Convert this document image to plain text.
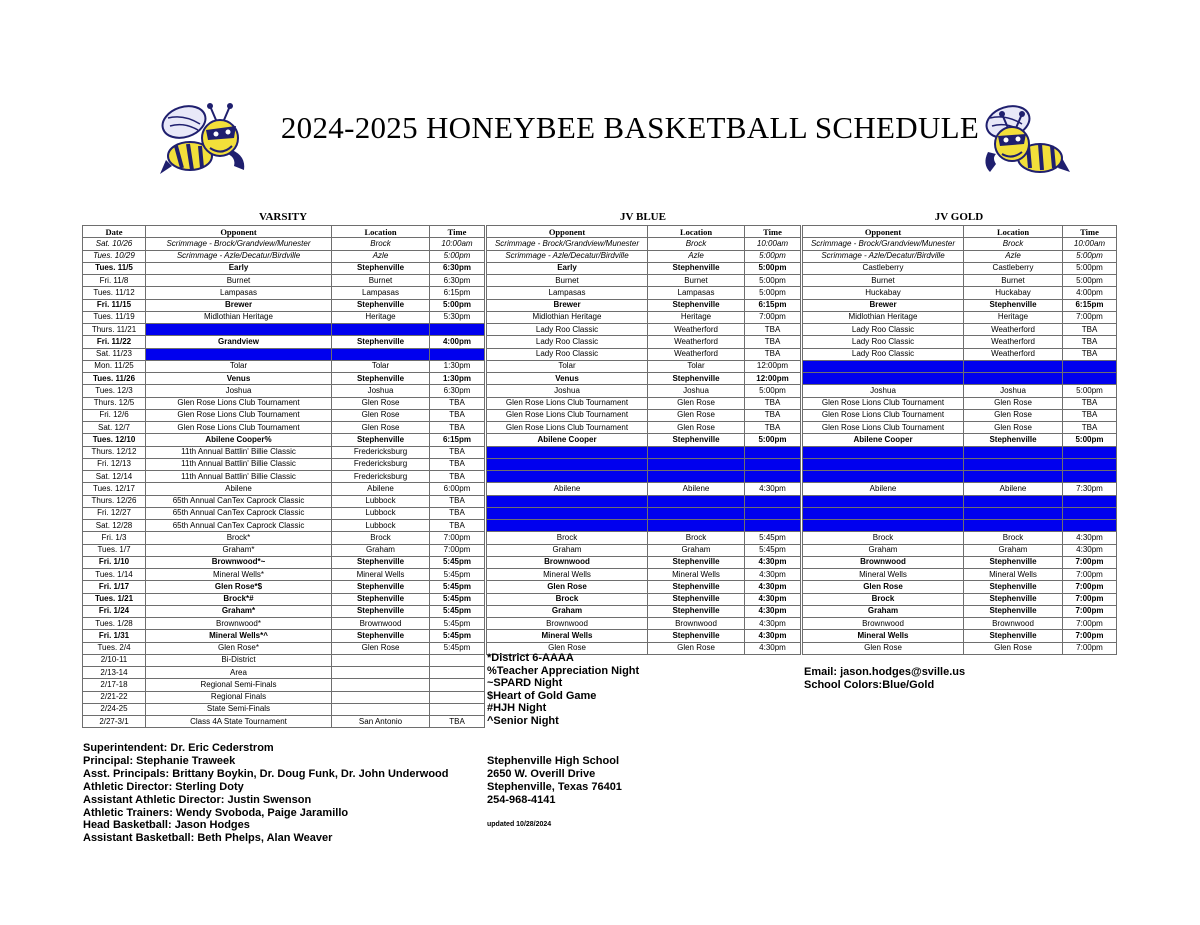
2024-2025 HONEYBEE BASKETBALL SCHEDULE
VARSITY	JV BLUE	JV GOLD
Date	Opponent	Location	Time
Sat. 10/26	Scrimmage - Brock/Grandview/Munester	Brock	10:00am
Tues. 10/29	Scrimmage - Azle/Decatur/Birdville	Azle	5:00pm
Tues. 11/5	Early	Stephenville	6:30pm
Fri. 11/8	Burnet	Burnet	6:30pm
Tues. 11/12	Lampasas	Lampasas	6:15pm
Fri. 11/15	Brewer	Stephenville	5:00pm
Tues. 11/19	Midlothian Heritage	Heritage	5:30pm
Thurs. 11/21			
Fri. 11/22	Grandview	Stephenville	4:00pm
Sat. 11/23			
Mon. 11/25	Tolar	Tolar	1:30pm
Tues. 11/26	Venus	Stephenville	1:30pm
Tues. 12/3	Joshua	Joshua	6:30pm
Thurs. 12/5	Glen Rose Lions Club Tournament	Glen Rose	TBA
Fri. 12/6	Glen Rose Lions Club Tournament	Glen Rose	TBA
Sat. 12/7	Glen Rose Lions Club Tournament	Glen Rose	TBA
Tues. 12/10	Abilene Cooper%	Stephenville	6:15pm
Thurs. 12/12	11th Annual Battlin' Billie Classic	Fredericksburg	TBA
Fri. 12/13	11th Annual Battlin' Billie Classic	Fredericksburg	TBA
Sat. 12/14	11th Annual Battlin' Billie Classic	Fredericksburg	TBA
Tues. 12/17	Abilene	Abilene	6:00pm
Thurs. 12/26	65th Annual CanTex Caprock Classic	Lubbock	TBA
Fri. 12/27	65th Annual CanTex Caprock Classic	Lubbock	TBA
Sat. 12/28	65th Annual CanTex Caprock Classic	Lubbock	TBA
Fri. 1/3	Brock*	Brock	7:00pm
Tues. 1/7	Graham*	Graham	7:00pm
Fri. 1/10	Brownwood*~	Stephenville	5:45pm
Tues. 1/14	Mineral Wells*	Mineral Wells	5:45pm
Fri. 1/17	Glen Rose*$	Stephenville	5:45pm
Tues. 1/21	Brock*#	Stephenville	5:45pm
Fri. 1/24	Graham*	Stephenville	5:45pm
Tues. 1/28	Brownwood*	Brownwood	5:45pm
Fri. 1/31	Mineral Wells*^	Stephenville	5:45pm
Tues. 2/4	Glen Rose*	Glen Rose	5:45pm
2/10-11	Bi-District		
2/13-14	Area		
2/17-18	Regional Semi-Finals		
2/21-22	Regional Finals		
2/24-25	State Semi-Finals		
2/27-3/1	Class 4A State Tournament	San Antonio	TBA
Opponent	Location	Time
Scrimmage - Brock/Grandview/Munester	Brock	10:00am
Scrimmage - Azle/Decatur/Birdville	Azle	5:00pm
Early	Stephenville	5:00pm
Burnet	Burnet	5:00pm
Lampasas	Lampasas	5:00pm
Brewer	Stephenville	6:15pm
Midlothian Heritage	Heritage	7:00pm
Lady Roo Classic	Weatherford	TBA
Lady Roo Classic	Weatherford	TBA
Lady Roo Classic	Weatherford	TBA
Tolar	Tolar	12:00pm
Venus	Stephenville	12:00pm
Joshua	Joshua	5:00pm
Glen Rose Lions Club Tournament	Glen Rose	TBA
Glen Rose Lions Club Tournament	Glen Rose	TBA
Glen Rose Lions Club Tournament	Glen Rose	TBA
Abilene Cooper	Stephenville	5:00pm

Abilene	Abilene	4:30pm

Brock	Brock	5:45pm
Graham	Graham	5:45pm
Brownwood	Stephenville	4:30pm
Mineral Wells	Mineral Wells	4:30pm
Glen Rose	Stephenville	4:30pm
Brock	Stephenville	4:30pm
Graham	Stephenville	4:30pm
Brownwood	Brownwood	4:30pm
Mineral Wells	Stephenville	4:30pm
Glen Rose	Glen Rose	4:30pm
Opponent	Location	Time
Scrimmage - Brock/Grandview/Munester	Brock	10:00am
Scrimmage - Azle/Decatur/Birdville	Azle	5:00pm
Castleberry	Castleberry	5:00pm
Burnet	Burnet	5:00pm
Huckabay	Huckabay	4:00pm
Brewer	Stephenville	6:15pm
Midlothian Heritage	Heritage	7:00pm
Lady Roo Classic	Weatherford	TBA
Lady Roo Classic	Weatherford	TBA
Lady Roo Classic	Weatherford	TBA

Joshua	Joshua	5:00pm
Glen Rose Lions Club Tournament	Glen Rose	TBA
Glen Rose Lions Club Tournament	Glen Rose	TBA
Glen Rose Lions Club Tournament	Glen Rose	TBA
Abilene Cooper	Stephenville	5:00pm

Abilene	Abilene	7:30pm

Brock	Brock	4:30pm
Graham	Graham	4:30pm
Brownwood	Stephenville	7:00pm
Mineral Wells	Mineral Wells	7:00pm
Glen Rose	Stephenville	7:00pm
Brock	Stephenville	7:00pm
Graham	Stephenville	7:00pm
Brownwood	Brownwood	7:00pm
Mineral Wells	Stephenville	7:00pm
Glen Rose	Glen Rose	7:00pm
*District 6-AAAA
%Teacher Appreciation Night
~SPARD Night
$Heart of Gold Game
#HJH Night
^Senior Night
Email: jason.hodges@sville.us
School Colors:Blue/Gold
Superintendent: Dr. Eric Cederstrom
Principal: Stephanie Traweek
Asst. Principals: Brittany Boykin, Dr. Doug Funk, Dr. John Underwood
Athletic Director: Sterling Doty
Assistant Athletic Director: Justin Swenson
Athletic Trainers: Wendy Svoboda, Paige Jaramillo
Head Basketball: Jason Hodges
Assistant Basketball: Beth Phelps, Alan Weaver
Stephenville High School
2650 W. Overill Drive
Stephenville, Texas 76401
254-968-4141
updated 10/28/2024
